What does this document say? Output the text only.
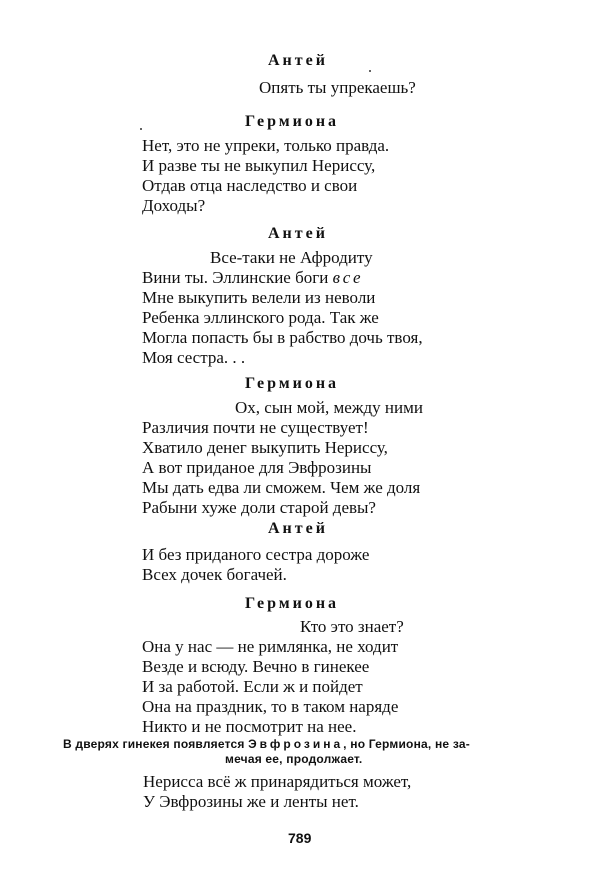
Антей
Опять ты упрекаешь?
Гермиона
Нет, это не упреки, только правда.
И разве ты не выкупил Нериссу,
Отдав отца наследство и свои
Доходы?
Антей
Все-таки не Афродиту
Вини ты. Эллинские боги все
Мне выкупить велели из неволи
Ребенка эллинского рода. Так же
Могла попасть бы в рабство дочь твоя,
Моя сестра. . .
Гермиона
Ох, сын мой, между ними
Различия почти не существует!
Хватило денег выкупить Нериссу,
А вот приданое для Эвфрозины
Мы дать едва ли сможем. Чем же доля
Рабыни хуже доли старой девы?
Антей
И без приданого сестра дороже
Всех дочек богачей.
Гермиона
Кто это знает?
Она у нас — не римлянка, не ходит
Везде и всюду. Вечно в гинекее
И за работой. Если ж и пойдет
Она на праздник, то в таком наряде
Никто и не посмотрит на нее.
В дверях гинекея появляется Эвфрозина, но Гермиона, не за-
мечая ее, продолжает.
Нерисса всё ж принарядиться может,
У Эвфрозины же и ленты нет.
789
